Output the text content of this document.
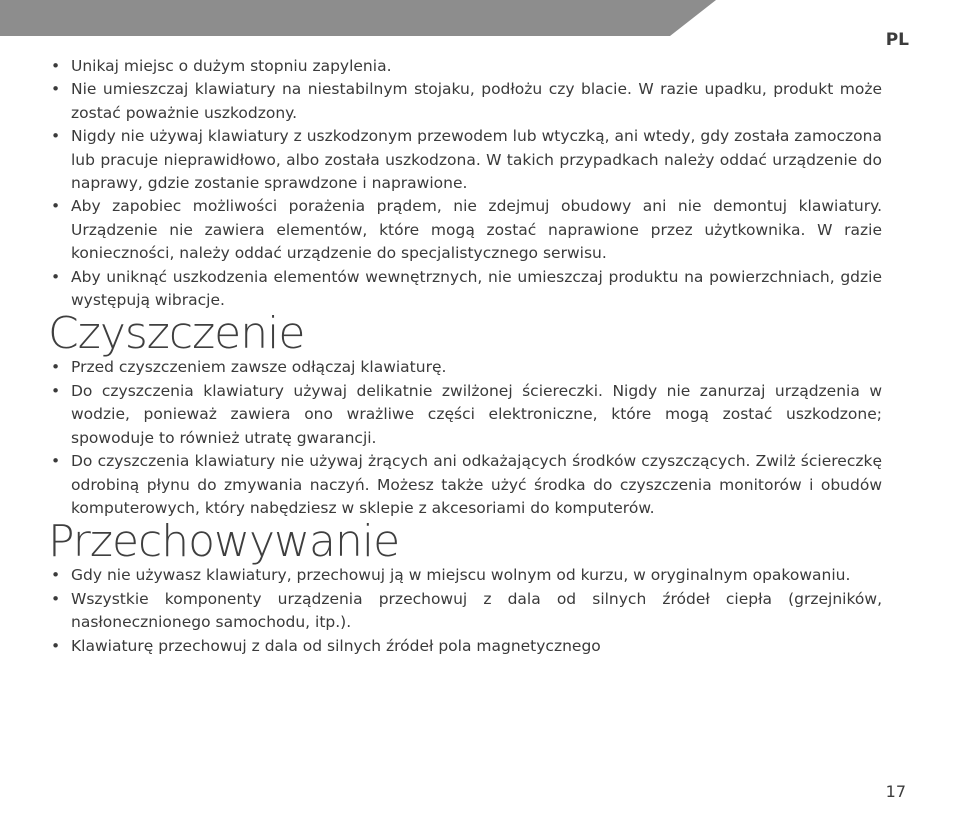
PL
• Unikaj miejsc o dużym stopniu zapylenia.
• Nie umieszczaj klawiatury na niestabilnym stojaku, podłożu czy blacie. W razie upadku, produkt może zostać poważnie uszkodzony.
• Nigdy nie używaj klawiatury z uszkodzonym przewodem lub wtyczką, ani wtedy, gdy została zamoczona lub pracuje nieprawidłowo, albo została uszkodzona. W takich przypadkach należy oddać urządzenie do naprawy, gdzie zostanie sprawdzone i naprawione.
• Aby zapobiec możliwości porażenia prądem, nie zdejmuj obudowy ani nie demontuj klawiatury. Urządzenie nie zawiera elementów, które mogą zostać naprawione przez użytkownika. W razie konieczności, należy oddać urządzenie do specjalistycznego serwisu.
• Aby uniknąć uszkodzenia elementów wewnętrznych, nie umieszczaj produktu na powierzchniach, gdzie występują wibracje.
Czyszczenie
• Przed czyszczeniem zawsze odłączaj klawiaturę.
• Do czyszczenia klawiatury używaj delikatnie zwilżonej ściereczki. Nigdy nie zanurzaj urządzenia w wodzie, ponieważ zawiera ono wrażliwe części elektroniczne, które mogą zostać uszkodzone; spowoduje to również utratę gwarancji.
• Do czyszczenia klawiatury nie używaj żrących ani odkażających środków czyszczących. Zwilż ściereczkę odrobiną płynu do zmywania naczyń. Możesz także użyć środka do czyszczenia monitorów i obudów komputerowych, który nabędziesz w sklepie z akcesoriami do komputerów.
Przechowywanie
• Gdy nie używasz klawiatury, przechowuj ją w miejscu wolnym od kurzu, w oryginalnym opakowaniu.
• Wszystkie komponenty urządzenia przechowuj z dala od silnych źródeł ciepła (grzejników, nasłonecznionego samochodu, itp.).
• Klawiaturę przechowuj z dala od silnych źródeł pola magnetycznego
17
